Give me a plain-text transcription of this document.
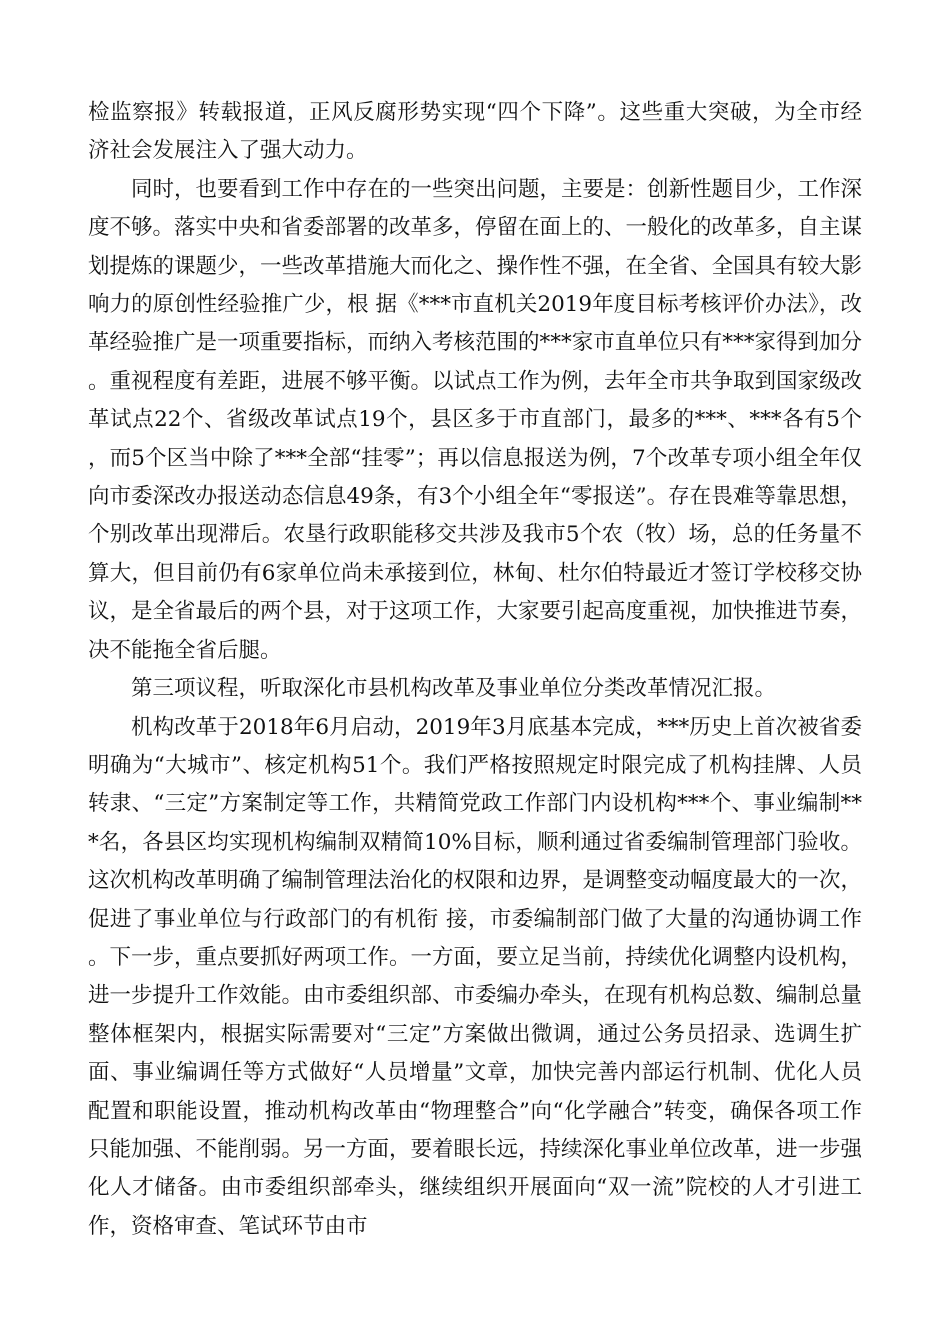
检监察报》转载报道，正风反腐形势实现“四个下降”。这些重大突破，为全市经济社会发展注入了强大动力。

同时，也要看到工作中存在的一些突出问题，主要是：创新性题目少，工作深度不够。落实中央和省委部署的改革多，停留在面上的、一般化的改革多，自主谋划提炼的课题少，一些改革措施大而化之、操作性不强，在全省、全国具有较大影响力的原创性经验推广少，根 据《***市直机关2019年度目标考核评价办法》，改革经验推广是一项重要指标，而纳入考核范围的***家市直单位只有***家得到加分。重视程度有差距，进展不够平衡。以试点工作为例，去年全市共争取到国家级改革试点22个、省级改革试点19个，县区多于市直部门，最多的***、***各有5个，而5个区当中除了***全部“挂零”；再以信息报送为例，7个改革专项小组全年仅向市委深改办报送动态信息49条，有3个小组全年“零报送”。存在畏难等靠思想，个别改革出现滞后。农垦行政职能移交共涉及我市5个农（牧）场，总的任务量不算大，但目前仍有6家单位尚未承接到位，林甸、杜尔伯特最近才签订学校移交协议，是全省最后的两个县，对于这项工作，大家要引起高度重视，加快推进节奏，决不能拖全省后腿。

第三项议程，听取深化市县机构改革及事业单位分类改革情况汇报。

机构改革于2018年6月启动，2019年3月底基本完成，***历史上首次被省委明确为“大城市”、核定机构51个。我们严格按照规定时限完成了机构挂牌、人员转隶、“三定”方案制定等工作，共精简党政工作部门内设机构***个、事业编制***名，各县区均实现机构编制双精简10%目标，顺利通过省委编制管理部门验收。这次机构改革明确了编制管理法治化的权限和边界，是调整变动幅度最大的一次，促进了事业单位与行政部门的有机衔 接，市委编制部门做了大量的沟通协调工作。下一步，重点要抓好两项工作。一方面，要立足当前，持续优化调整内设机构，进一步提升工作效能。由市委组织部、市委编办牵头，在现有机构总数、编制总量整体框架内，根据实际需要对“三定”方案做出微调，通过公务员招录、选调生扩面、事业编调任等方式做好“人员增量”文章，加快完善内部运行机制、优化人员配置和职能设置，推动机构改革由“物理整合”向“化学融合”转变，确保各项工作只能加强、不能削弱。另一方面，要着眼长远，持续深化事业单位改革，进一步强化人才储备。由市委组织部牵头，继续组织开展面向“双一流”院校的人才引进工作，资格审查、笔试环节由市
